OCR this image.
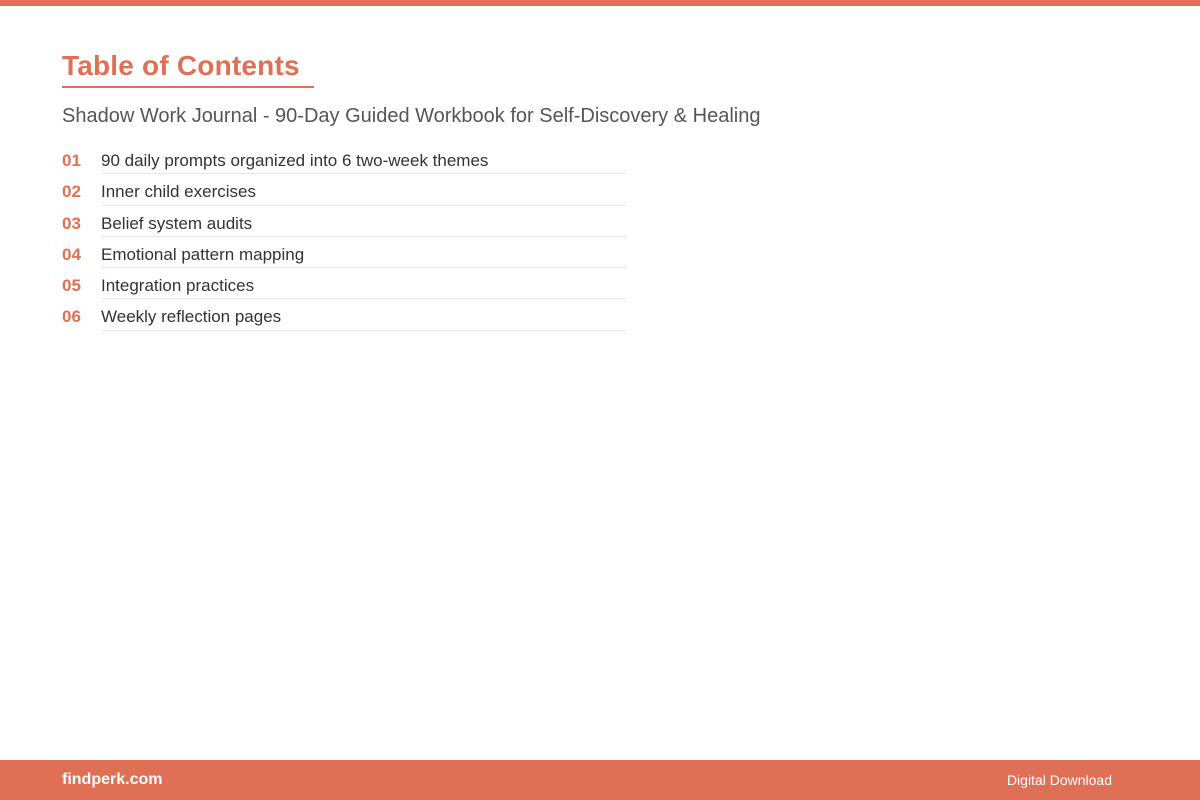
Table of Contents

Shadow Work Journal - 90-Day Guided Workbook for Self-Discovery & Healing

01 90 daily prompts organized into 6 two-week themes
02 Inner child exercises
03 Belief system audits
04 Emotional pattern mapping
05 Integration practices
06 Weekly reflection pages
findperk.com	Digital Download
